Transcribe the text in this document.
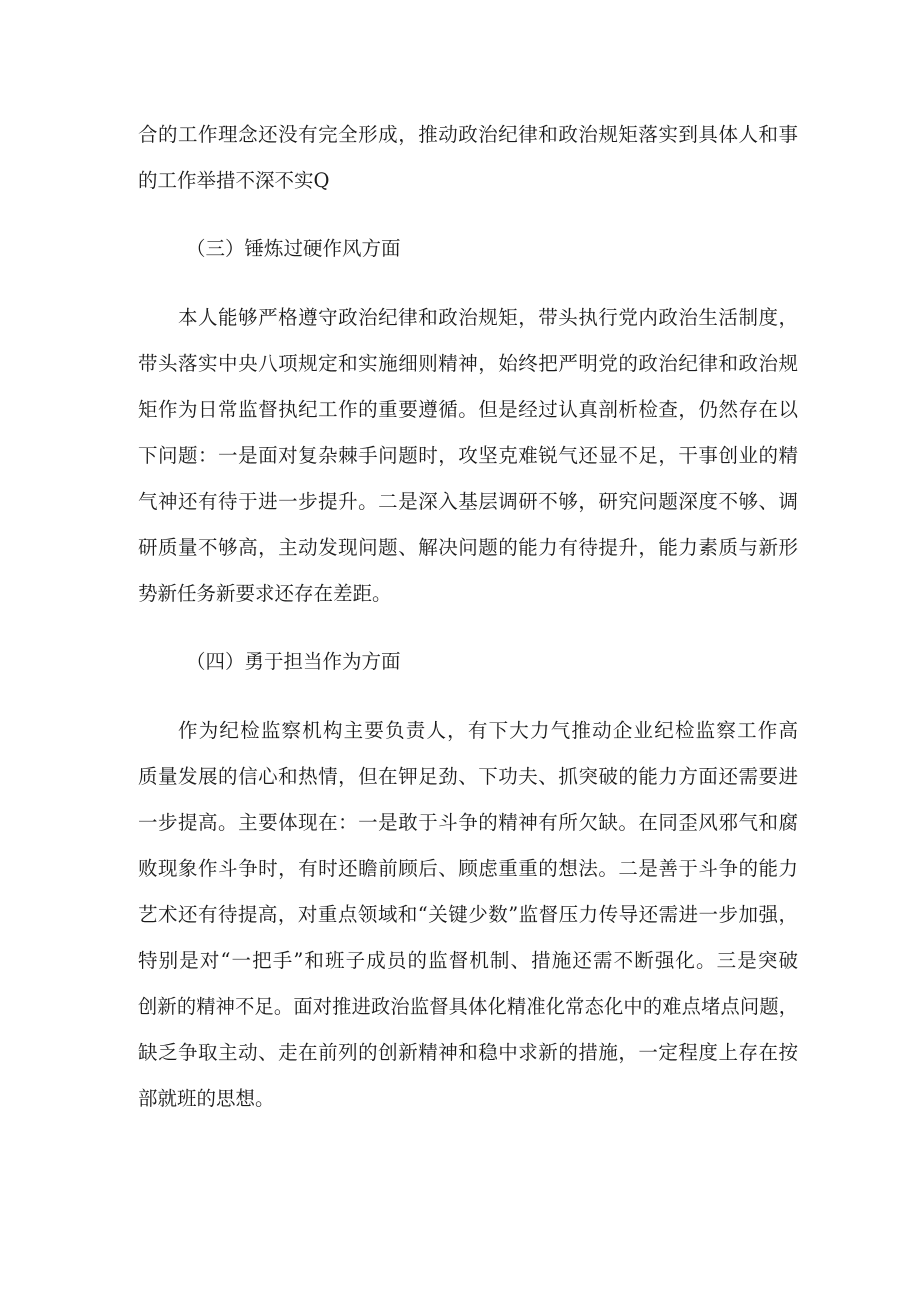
合的工作理念还没有完全形成，推动政治纪律和政治规矩落实到具体人和事
的工作举措不深不实Q
（三）锤炼过硬作风方面
本人能够严格遵守政治纪律和政治规矩，带头执行党内政治生活制度，
带头落实中央八项规定和实施细则精神，始终把严明党的政治纪律和政治规
矩作为日常监督执纪工作的重要遵循。但是经过认真剖析检查，仍然存在以
下问题：一是面对复杂棘手问题时，攻坚克难锐气还显不足，干事创业的精
气神还有待于进一步提升。二是深入基层调研不够，研究问题深度不够、调
研质量不够高，主动发现问题、解决问题的能力有待提升，能力素质与新形
势新任务新要求还存在差距。
（四）勇于担当作为方面
作为纪检监察机构主要负责人，有下大力气推动企业纪检监察工作高
质量发展的信心和热情，但在钾足劲、下功夫、抓突破的能力方面还需要进
一步提高。主要体现在：一是敢于斗争的精神有所欠缺。在同歪风邪气和腐
败现象作斗争时，有时还瞻前顾后、顾虑重重的想法。二是善于斗争的能力
艺术还有待提高，对重点领域和“关键少数”监督压力传导还需进一步加强，
特别是对“一把手”和班子成员的监督机制、措施还需不断强化。三是突破
创新的精神不足。面对推进政治监督具体化精准化常态化中的难点堵点问题，
缺乏争取主动、走在前列的创新精神和稳中求新的措施，一定程度上存在按
部就班的思想。
